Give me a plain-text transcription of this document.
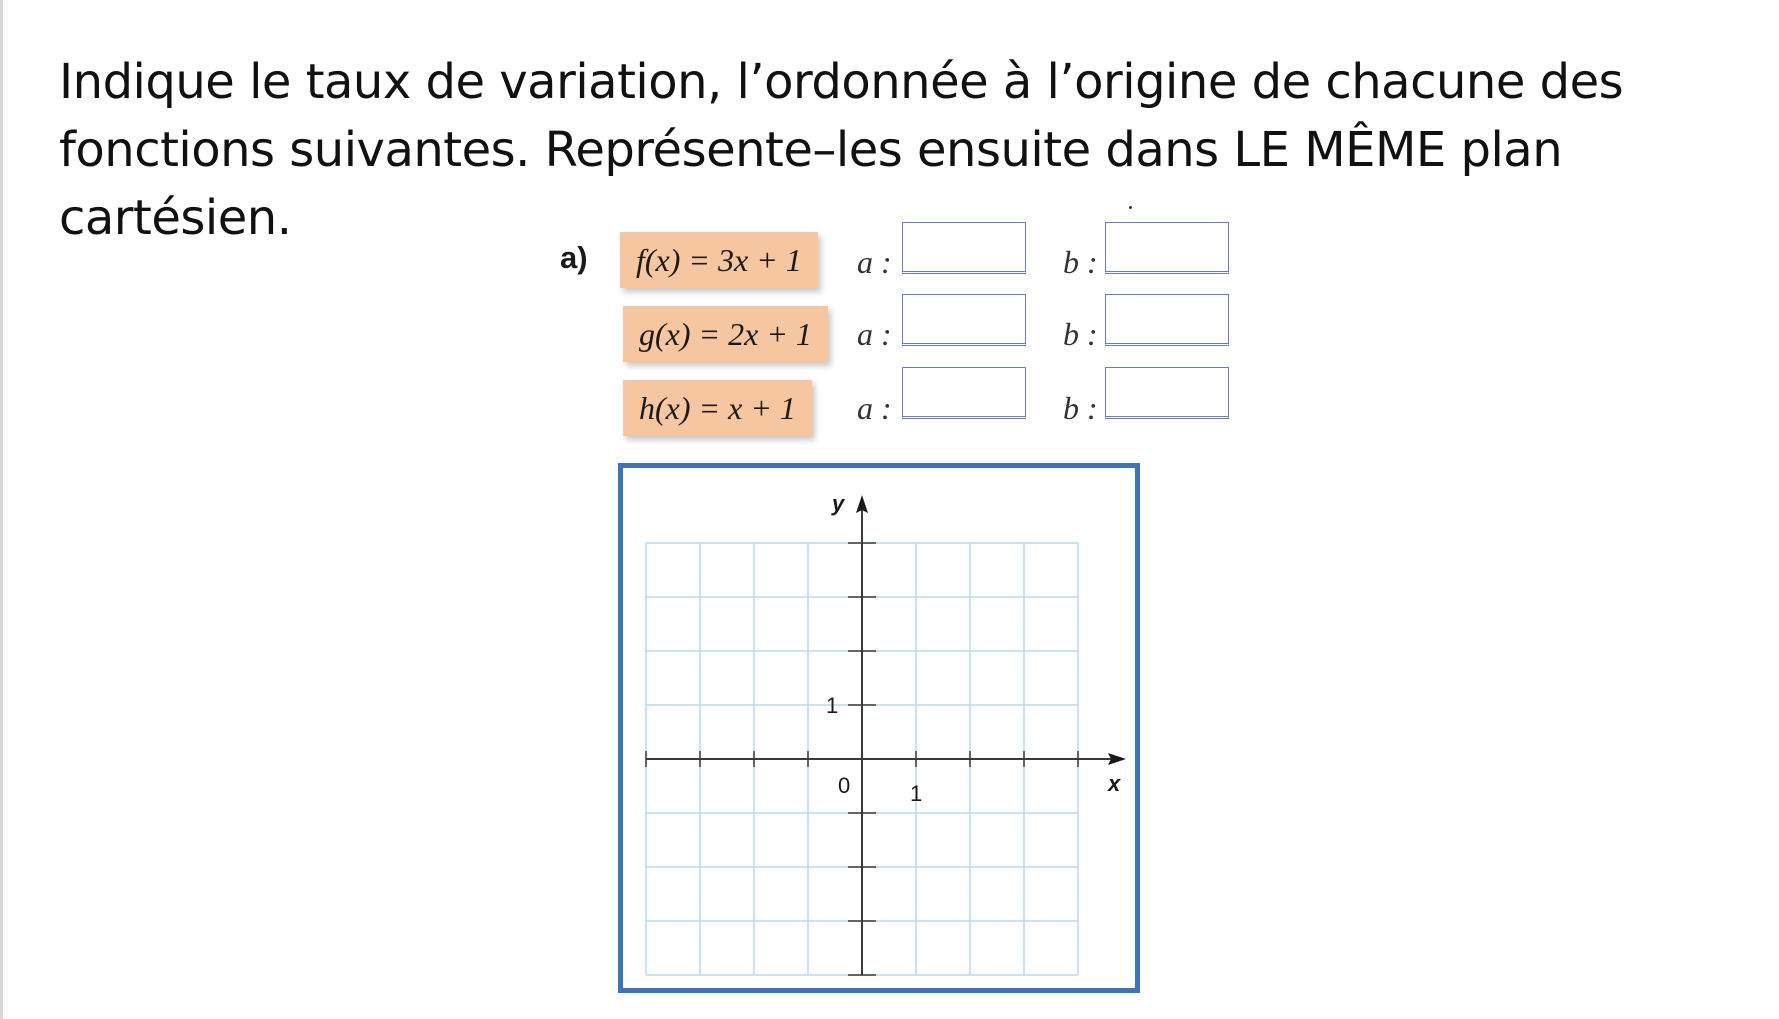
Indique le taux de variation, l’ordonnée à l’origine de chacune des fonctions suivantes. Représente–les ensuite dans LE MÊME plan cartésien.

a)	f(x) = 3x + 1	a :	b :
g(x) = 2x + 1	a :	b :
h(x) = x + 1	a :	b :
x
y
0	1
1
